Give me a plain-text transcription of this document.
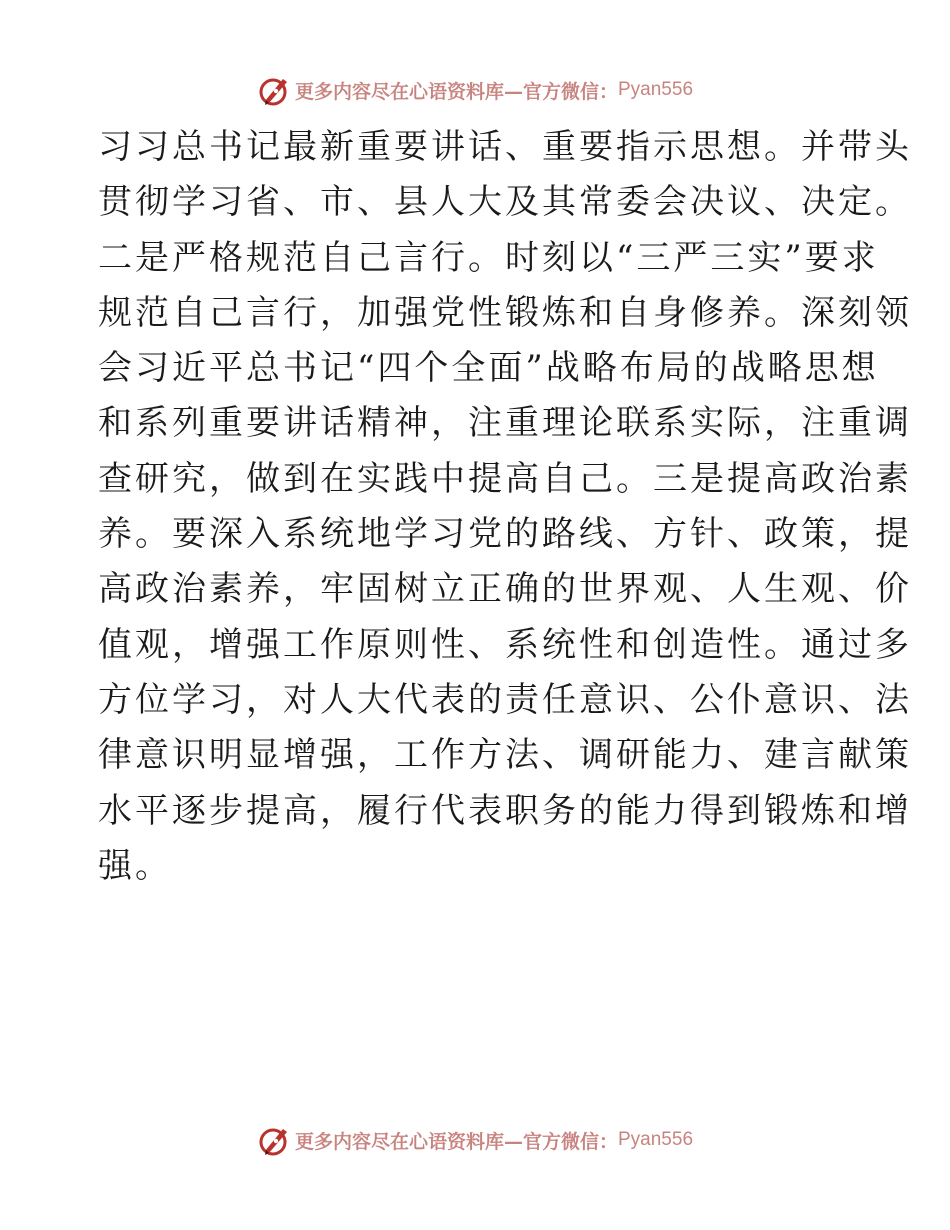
更多内容尽在心语资料库—官方微信： Pyan556

习习总书记最新重要讲话、重要指示思想。并带头

贯彻学习省、市、县人大及其常委会决议、决定。

二是严格规范自己言行。时刻以“三严三实”要求

规范自己言行，加强党性锻炼和自身修养。深刻领

会习近平总书记“四个全面”战略布局的战略思想

和系列重要讲话精神，注重理论联系实际，注重调

查研究，做到在实践中提高自己。三是提高政治素

养。要深入系统地学习党的路线、方针、政策，提

高政治素养，牢固树立正确的世界观、人生观、价

值观，增强工作原则性、系统性和创造性。通过多

方位学习，对人大代表的责任意识、公仆意识、法

律意识明显增强，工作方法、调研能力、建言献策

水平逐步提高，履行代表职务的能力得到锻炼和增

强。

更多内容尽在心语资料库—官方微信： Pyan556
